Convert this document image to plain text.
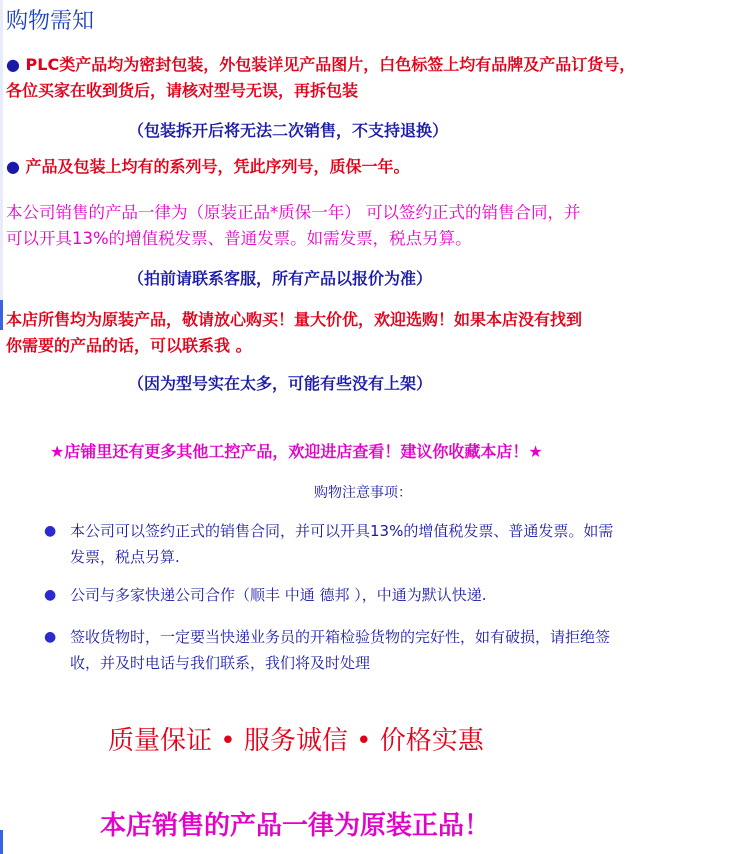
购物需知
● PLC类产品均为密封包装，外包装详见产品图片，白色标签上均有品牌及产品订货号，
各位买家在收到货后，请核对型号无误，再拆包装
（包装拆开后将无法二次销售，不支持退换）
● 产品及包装上均有的系列号，凭此序列号，质保一年。
本公司销售的产品一律为（原装正品*质保一年） 可以签约正式的销售合同，并
可以开具13%的增值税发票、普通发票。如需发票，税点另算。
（拍前请联系客服，所有产品以报价为准）
本店所售均为原装产品，敬请放心购买！量大价优，欢迎选购！如果本店没有找到
你需要的产品的话，可以联系我 。
（因为型号实在太多，可能有些没有上架）
★店铺里还有更多其他工控产品，欢迎进店查看！建议你收藏本店！★
购物注意事项：
● 本公司可以签约正式的销售合同，并可以开具13%的增值税发票、普通发票。如需
发票，税点另算.
● 公司与多家快递公司合作（顺丰 中通 德邦 ），中通为默认快递.
● 签收货物时，一定要当快递业务员的开箱检验货物的完好性，如有破损，请拒绝签
收，并及时电话与我们联系，我们将及时处理
质量保证 • 服务诚信 • 价格实惠
本店销售的产品一律为原装正品！
